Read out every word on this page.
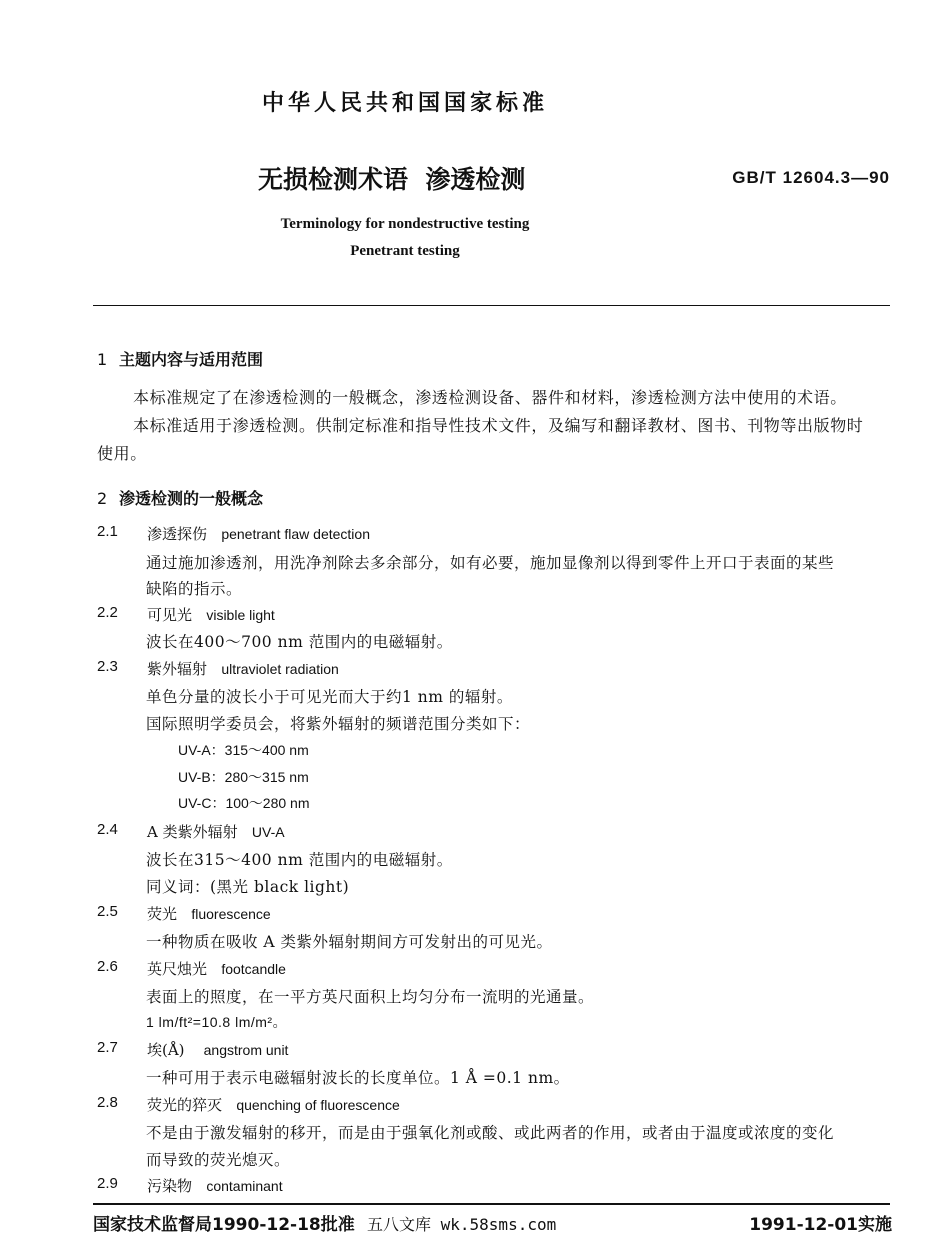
中华人民共和国国家标准
无损检测术语  渗透检测	GB/T 12604.3—90
Terminology for nondestructive testing
Penetrant testing
1 主题内容与适用范围
本标准规定了在渗透检测的一般概念，渗透检测设备、器件和材料，渗透检测方法中使用的术语。
本标准适用于渗透检测。供制定标准和指导性技术文件，及编写和翻译教材、图书、刊物等出版物时
使用。
2 渗透检测的一般概念
2.1 渗透探伤 penetrant flaw detection
通过施加渗透剂，用洗净剂除去多余部分，如有必要，施加显像剂以得到零件上开口于表面的某些
缺陷的指示。
2.2 可见光 visible light
波长在400～700 nm 范围内的电磁辐射。
2.3 紫外辐射 ultraviolet radiation
单色分量的波长小于可见光而大于约1 nm 的辐射。
国际照明学委员会，将紫外辐射的频谱范围分类如下：
UV-A：315～400 nm
UV-B：280～315 nm
UV-C：100～280 nm
2.4 A 类紫外辐射 UV-A
波长在315～400 nm 范围内的电磁辐射。
同义词：(黑光 black light)
2.5 荧光 fluorescence
一种物质在吸收 A 类紫外辐射期间方可发射出的可见光。
2.6 英尺烛光 footcandle
表面上的照度，在一平方英尺面积上均匀分布一流明的光通量。
1 lm/ft²=10.8 lm/m²。
2.7 埃(Å) angstrom unit
一种可用于表示电磁辐射波长的长度单位。1 Å =0.1 nm。
2.8 荧光的猝灭 quenching of fluorescence
不是由于激发辐射的移开，而是由于强氧化剂或酸、或此两者的作用，或者由于温度或浓度的变化
而导致的荧光熄灭。
2.9 污染物 contaminant
国家技术监督局1990-12-18批准 五八文库 wk.58sms.com	1991-12-01实施
